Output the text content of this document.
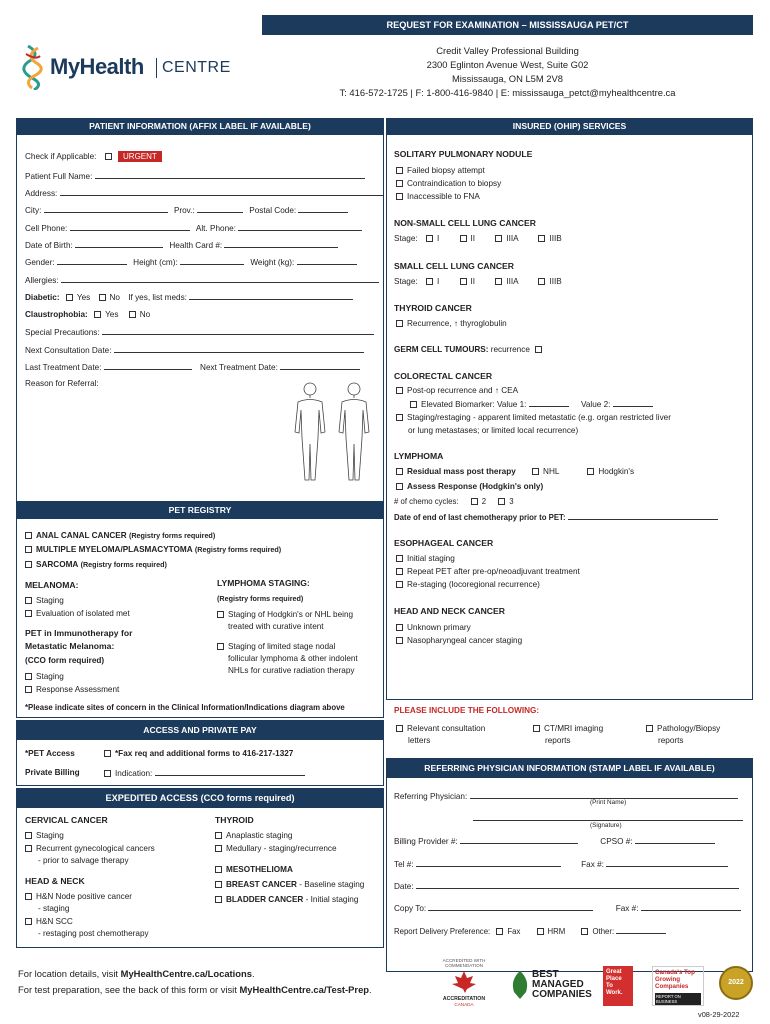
MyHealth CENTRE
REQUEST FOR EXAMINATION – MISSISSAUGA PET/CT
Credit Valley Professional Building
2300 Eglinton Avenue West, Suite G02
Mississauga, ON L5M 2V8
T: 416-572-1725 | F: 1-800-416-9840 | E: mississauga_petct@myhealthcentre.ca
PATIENT INFORMATION (AFFIX LABEL IF AVAILABLE)
Check if Applicable:	URGENT
Patient Full Name:
Address:
City:	Prov.:	Postal Code:
Cell Phone:	Alt. Phone:
Date of Birth:	Health Card #:
Gender:	Height (cm):	Weight (kg):
Allergies:
Diabetic: Yes No If yes, list meds:
Claustrophobia: Yes	No
Special Precautions:
Next Consultation Date:
Last Treatment Date:	Next Treatment Date:
Reason for Referral:
INSURED (OHIP) SERVICES
SOLITARY PULMONARY NODULE
Failed biopsy attempt
Contraindication to biopsy
Inaccessible to FNA
NON-SMALL CELL LUNG CANCER
Stage: I	II	IIIA	IIIB
SMALL CELL LUNG CANCER
Stage: I	II	IIIA	IIIB
THYROID CANCER
Recurrence, ↑ thyroglobulin
GERM CELL TUMOURS: recurrence
COLORECTAL CANCER
Post-op recurrence and ↑ CEA
Elevated Biomarker: Value 1:	Value 2:
Staging/restaging - apparent limited metastatic (e.g. organ restricted liver
or lung metastases; or limited local recurrence)
LYMPHOMA
Residual mass post therapy	NHL	Hodgkin's
Assess Response (Hodgkin's only)
# of chemo cycles:	2	3
Date of end of last chemotherapy prior to PET:
ESOPHAGEAL CANCER
Initial staging
Repeat PET after pre-op/neoadjuvant treatment
Re-staging (locoregional recurrence)
HEAD AND NECK CANCER
Unknown primary
Nasopharyngeal cancer staging
PET REGISTRY
ANAL CANAL CANCER (Registry forms required)
MULTIPLE MYELOMA/PLASMACYTOMA (Registry forms required)
SARCOMA (Registry forms required)
MELANOMA:
Staging
Evaluation of isolated met
PET in Immunotherapy for
Metastatic Melanoma:
(CCO form required)
Staging
Response Assessment
LYMPHOMA STAGING:
(Registry forms required)
Staging of Hodgkin's or NHL being
treated with curative intent
Staging of limited stage nodal
follicular lymphoma & other indolent
NHLs for curative radiation therapy
*Please indicate sites of concern in the Clinical Information/Indications diagram above	PLEASE INCLUDE THE FOLLOWING:
Relevant consultation
letters
CT/MRI imaging
reports
Pathology/Biopsy
reports
ACCESS AND PRIVATE PAY
*PET Access	*Fax req and additional forms to 416-217-1327
Private Billing	Indication:
REFERRING PHYSICIAN INFORMATION (STAMP LABEL IF AVAILABLE)
Referring Physician:
(Print Name)
(Signature)
Billing Provider #:	CPSO #:
Tel #:	Fax #:
Date:
Copy To:	Fax #:
Report Delivery Preference: Fax	HRM	Other:
EXPEDITED ACCESS (CCO forms required)
CERVICAL CANCER
Staging
Recurrent gynecological cancers
- prior to salvage therapy
HEAD & NECK
H&N Node positive cancer
- staging
H&N SCC
- restaging post chemotherapy
THYROID
Anaplastic staging
Medullary - staging/recurrence
MESOTHELIOMA
BREAST CANCER - Baseline staging
BLADDER CANCER - Initial staging
For location details, visit MyHealthCentre.ca/Locations.
For test preparation, see the back of this form or visit MyHealthCentre.ca/Test-Prep.
ACCREDITED WITH COMMENDATION
ACCREDITATION
CANADA
BEST
MANAGED
COMPANIES
Great Place To Work.
Canada's Top Growing Companies
REPORT ON BUSINESS
2022
v08-29-2022
